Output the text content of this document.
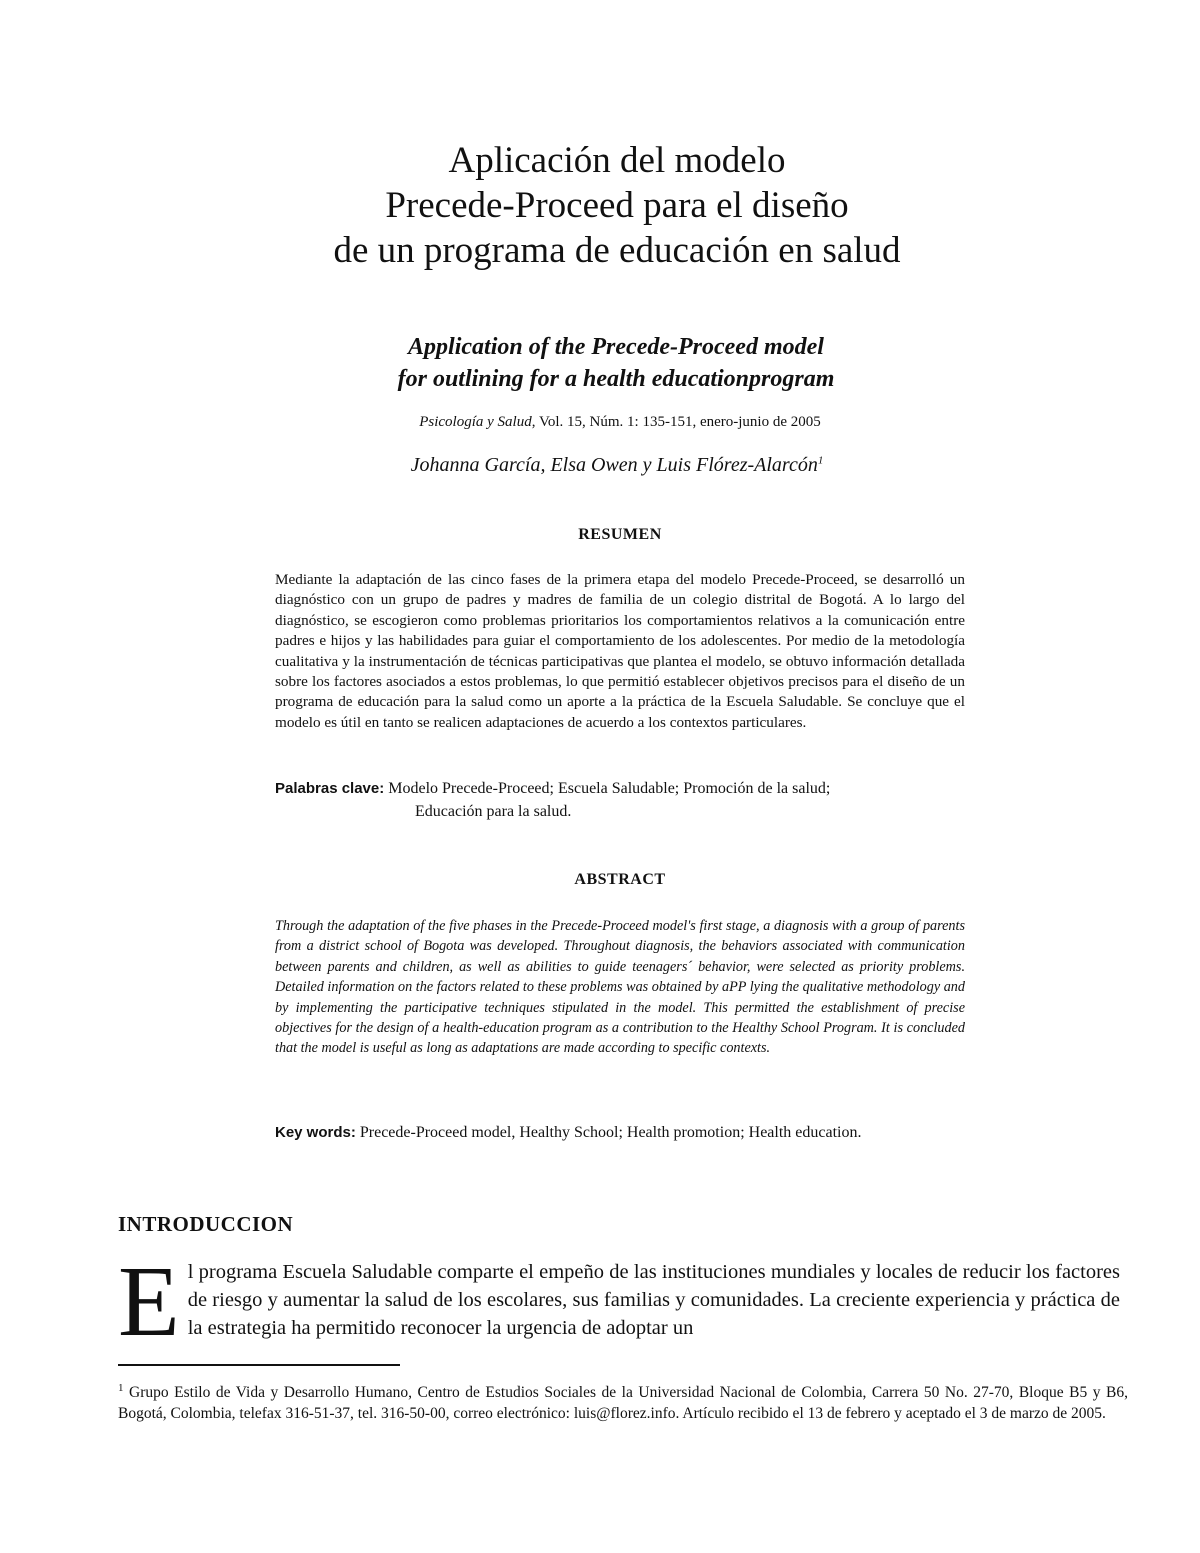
Aplicación del modelo
Precede-Proceed para el diseño
de un programa de educación en salud
Application of the Precede-Proceed model
for outlining for a health educationprogram
Psicología y Salud, Vol. 15, Núm. 1: 135-151, enero-junio de 2005
Johanna García, Elsa Owen y Luis Flórez-Alarcón$^1$
RESUMEN
Mediante la adaptación de las cinco fases de la primera etapa del modelo Precede-Proceed, se desarrolló un diagnóstico con un grupo de padres y madres de familia de un colegio distrital de Bogotá. A lo largo del diagnóstico, se escogieron como problemas prioritarios los comportamientos relativos a la comunicación entre padres e hijos y las habilidades para guiar el comportamiento de los adolescentes. Por medio de la metodología cualitativa y la instrumentación de técnicas participativas que plantea el modelo, se obtuvo información detallada sobre los factores asociados a estos problemas, lo que permitió establecer objetivos precisos para el diseño de un programa de educación para la salud como un aporte a la práctica de la Escuela Saludable. Se concluye que el modelo es útil en tanto se realicen adaptaciones de acuerdo a los contextos particulares.
Palabras clave: Modelo Precede-Proceed; Escuela Saludable; Promoción de la salud;
Educación para la salud.
ABSTRACT
Through the adaptation of the five phases in the Precede-Proceed model's first stage, a diagnosis with a group of parents from a district school of Bogota was developed. Throughout diagnosis, the behaviors associated with communication between parents and children, as well as abilities to guide teenagers´ behavior, were selected as priority problems. Detailed information on the factors related to these problems was obtained by aPP lying the qualitative methodology and by implementing the participative techniques stipulated in the model. This permitted the establishment of precise objectives for the design of a health-education program as a contribution to the Healthy School Program. It is concluded that the model is useful as long as adaptations are made according to specific contexts.
Key words: Precede-Proceed model, Healthy School; Health promotion; Health education.
INTRODUCCION
El programa Escuela Saludable comparte el empeño de las instituciones mundiales y locales de reducir los factores de riesgo y aumentar la salud de los escolares, sus familias y comunidades. La creciente experiencia y práctica de la estrategia ha permitido reconocer la urgencia de adoptar un
$^1$ Grupo Estilo de Vida y Desarrollo Humano, Centro de Estudios Sociales de la Universidad Nacional de Colombia, Carrera 50 No. 27-70, Bloque B5 y B6, Bogotá, Colombia, telefax 316-51-37, tel. 316-50-00, correo electrónico: luis@florez.info. Artículo recibido el 13 de febrero y aceptado el 3 de marzo de 2005.
